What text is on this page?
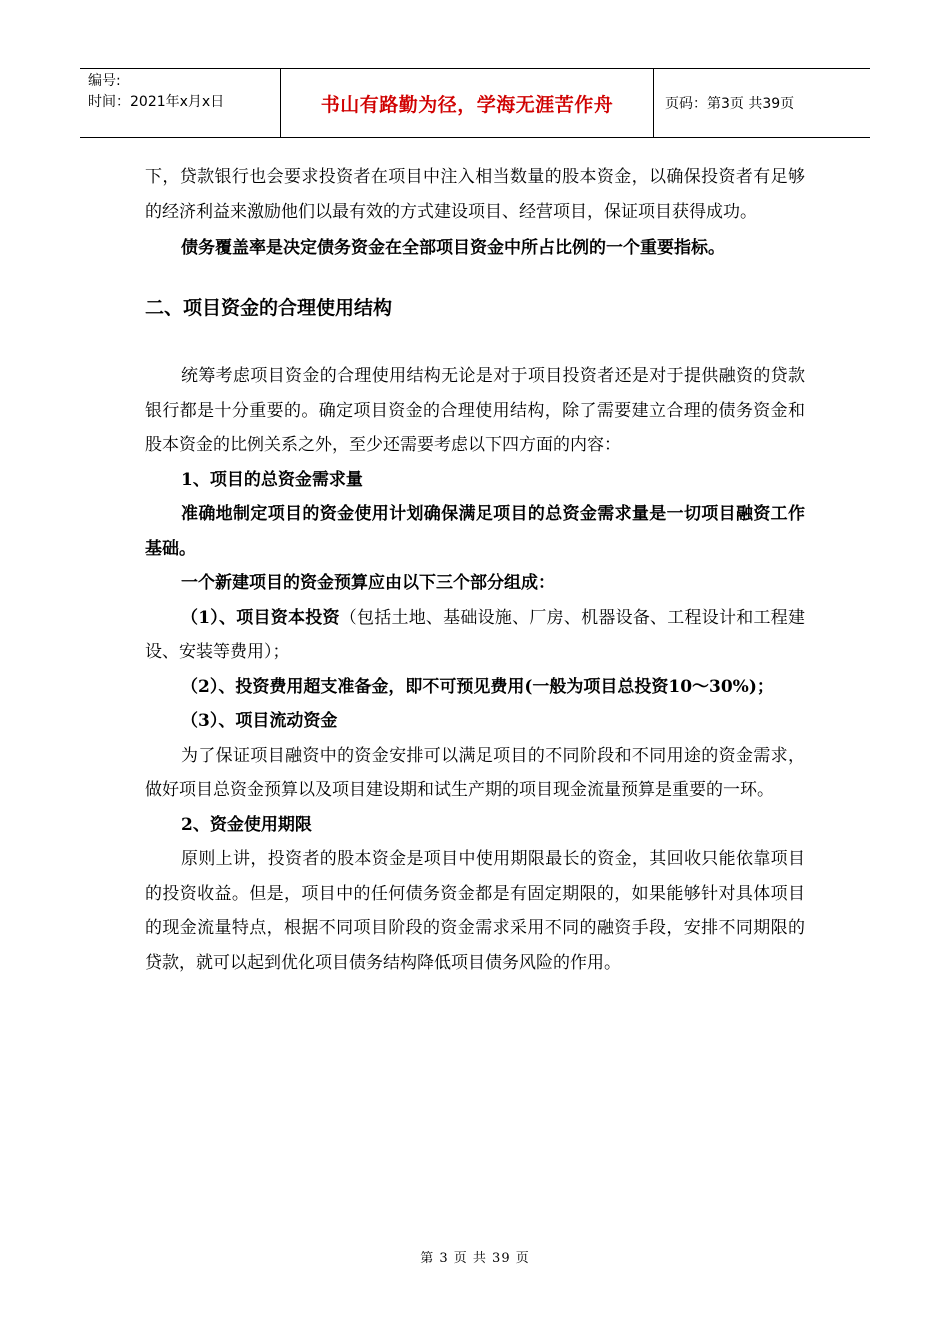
编号:
时间：2021年x月x日	书山有路勤为径，学海无涯苦作舟	页码：第3页 共39页

下，贷款银行也会要求投资者在项目中注入相当数量的股本资金，以确保投资者有足够的经济利益来激励他们以最有效的方式建设项目、经营项目，保证项目获得成功。

债务覆盖率是决定债务资金在全部项目资金中所占比例的一个重要指标。

二、项目资金的合理使用结构

统筹考虑项目资金的合理使用结构无论是对于项目投资者还是对于提供融资的贷款银行都是十分重要的。确定项目资金的合理使用结构，除了需要建立合理的债务资金和股本资金的比例关系之外，至少还需要考虑以下四方面的内容：

1、项目的总资金需求量

准确地制定项目的资金使用计划确保满足项目的总资金需求量是一切项目融资工作基础。

一个新建项目的资金预算应由以下三个部分组成：

（1）、项目资本投资（包括土地、基础设施、厂房、机器设备、工程设计和工程建设、安装等费用）；

（2）、投资费用超支准备金，即不可预见费用(一般为项目总投资10～30%)；

（3）、项目流动资金

为了保证项目融资中的资金安排可以满足项目的不同阶段和不同用途的资金需求，做好项目总资金预算以及项目建设期和试生产期的项目现金流量预算是重要的一环。

2、资金使用期限

原则上讲，投资者的股本资金是项目中使用期限最长的资金，其回收只能依靠项目的投资收益。但是，项目中的任何债务资金都是有固定期限的，如果能够针对具体项目的现金流量特点，根据不同项目阶段的资金需求采用不同的融资手段，安排不同期限的贷款，就可以起到优化项目债务结构降低项目债务风险的作用。

第 3 页 共 39 页
